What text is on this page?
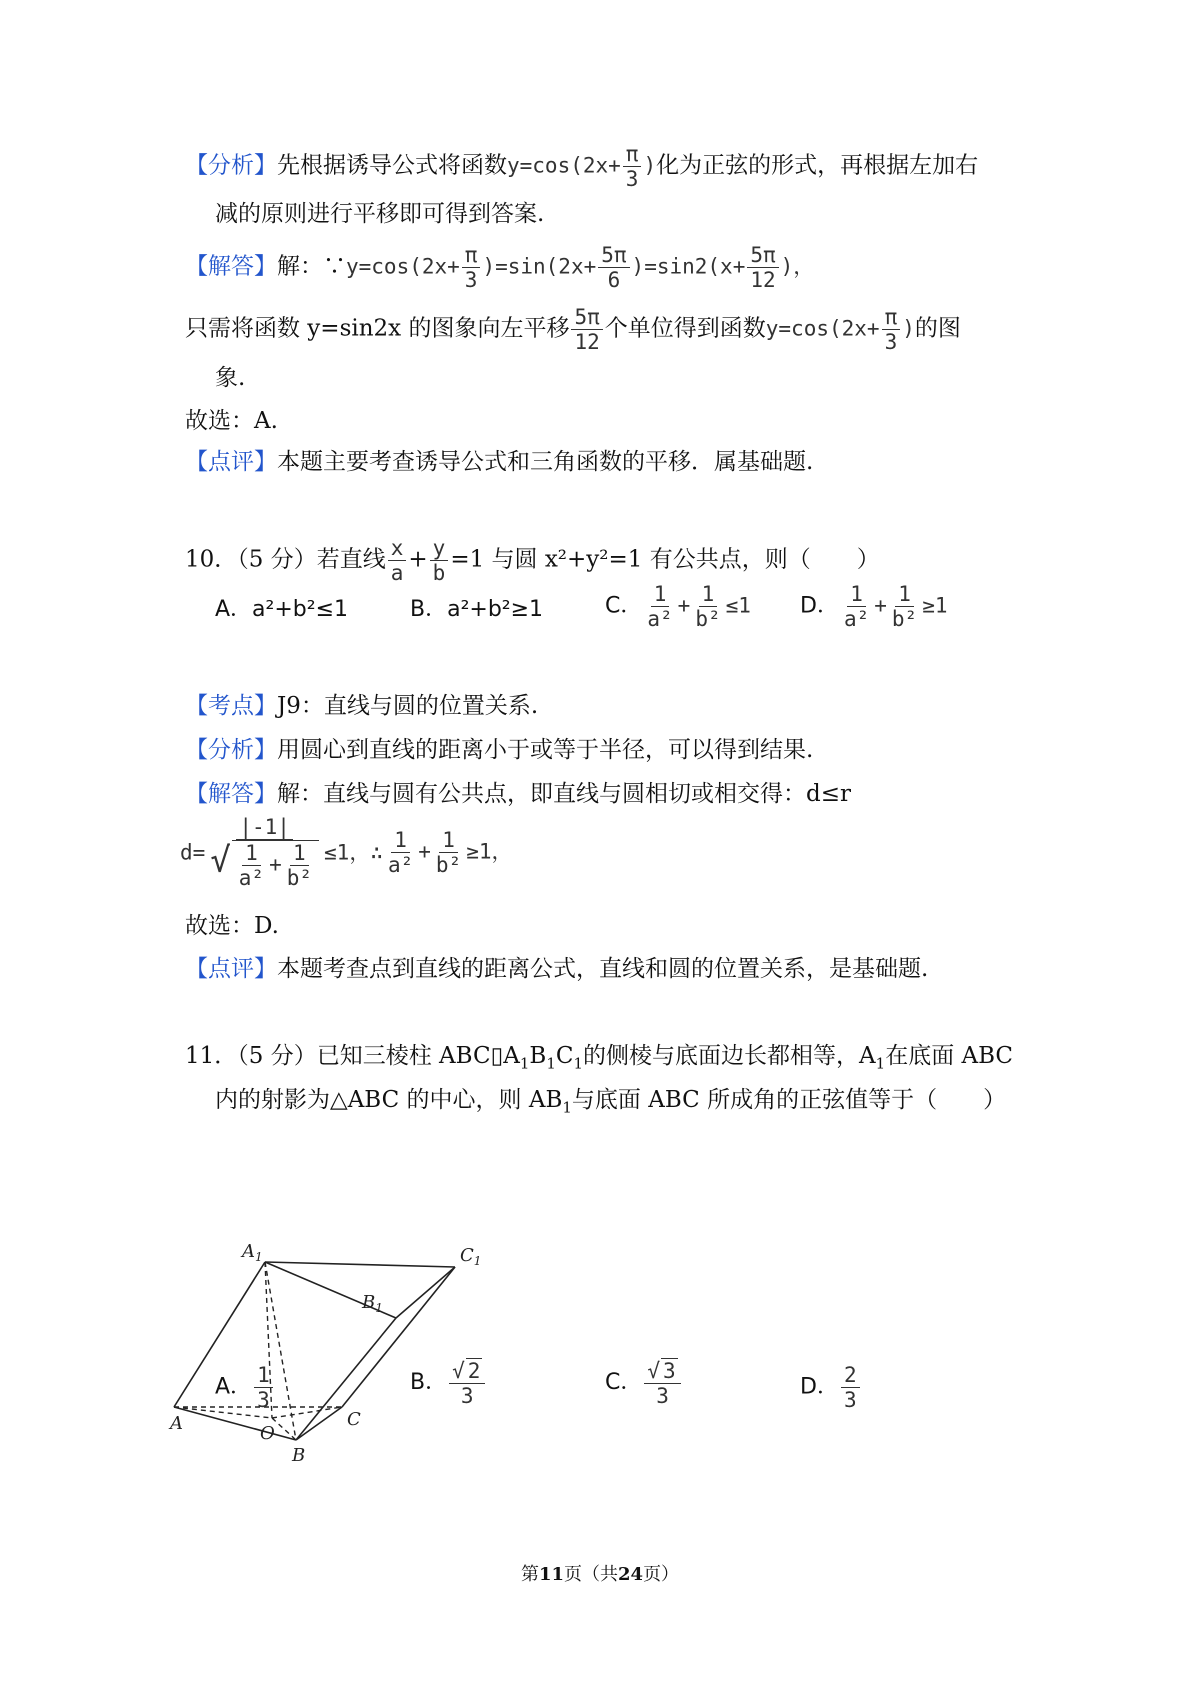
【分析】先根据诱导公式将函数$y=\cos(2x+ \frac{\pi}{3}$ )化为正弦的形式，再根据左加右
减的原则进行平移即可得到答案.
【解答】解：∵y=cos(2x+ $\frac{\pi}{3} )=\sin(2x+ \frac{5\pi}{6} )=\sin 2(x+ \frac{5\pi}{12}$ )，
只需将函数 y=sin2x 的图象向左平移 $\frac{5\pi}{12}$ 个单位得到函数$y=\cos(2x+ \frac{\pi}{3}$ )的图
象.
故选：A.
【点评】本题主要考查诱导公式和三角函数的平移．属基础题.
10．（5 分）若直线 $\frac{x}{a} + \frac{y}{b} =1$ 与圆 x²+y²=1 有公共点，则（　　）
A．a²+b²≤1	B．a²+b²≥1	C． $\frac{1}{\text{a²}} + \frac{1}{\text{b²}} \le 1$ D． $\frac{1}{\text{a²}} + \frac{1}{\text{b²}} \ge 1$
【考点】J9：直线与圆的位置关系.
【分析】用圆心到直线的距离小于或等于半径，可以得到结果.
【解答】解：直线与圆有公共点，即直线与圆相切或相交得：d≤r
$d= \frac{|-1|}{√ \frac{1}{\text{a²}} + \frac{1}{\text{b²}}} \le 1$，∴ $\frac{1}{\text{a²}} + \frac{1}{\text{b²}} \ge 1$，
故选：D.
【点评】本题考查点到直线的距离公式，直线和圆的位置关系，是基础题.
11．（5 分）已知三棱柱 $ABC▯A_1B_1C_1$的侧棱与底面边长都相等，$A_1$在底面 ABC
内的射影为△ABC 的中心，则 $AB_1$与底面 ABC 所成角的正弦值等于（　　）
$A_1$	$C_1$
$B_1$
A	O
C
B
A． $\frac{1}{3}$	B． $\frac{√ 2}{3}$	C． $\frac{√ 3}{3}$	D． $\frac{2}{3}$
第11页（共24页）
